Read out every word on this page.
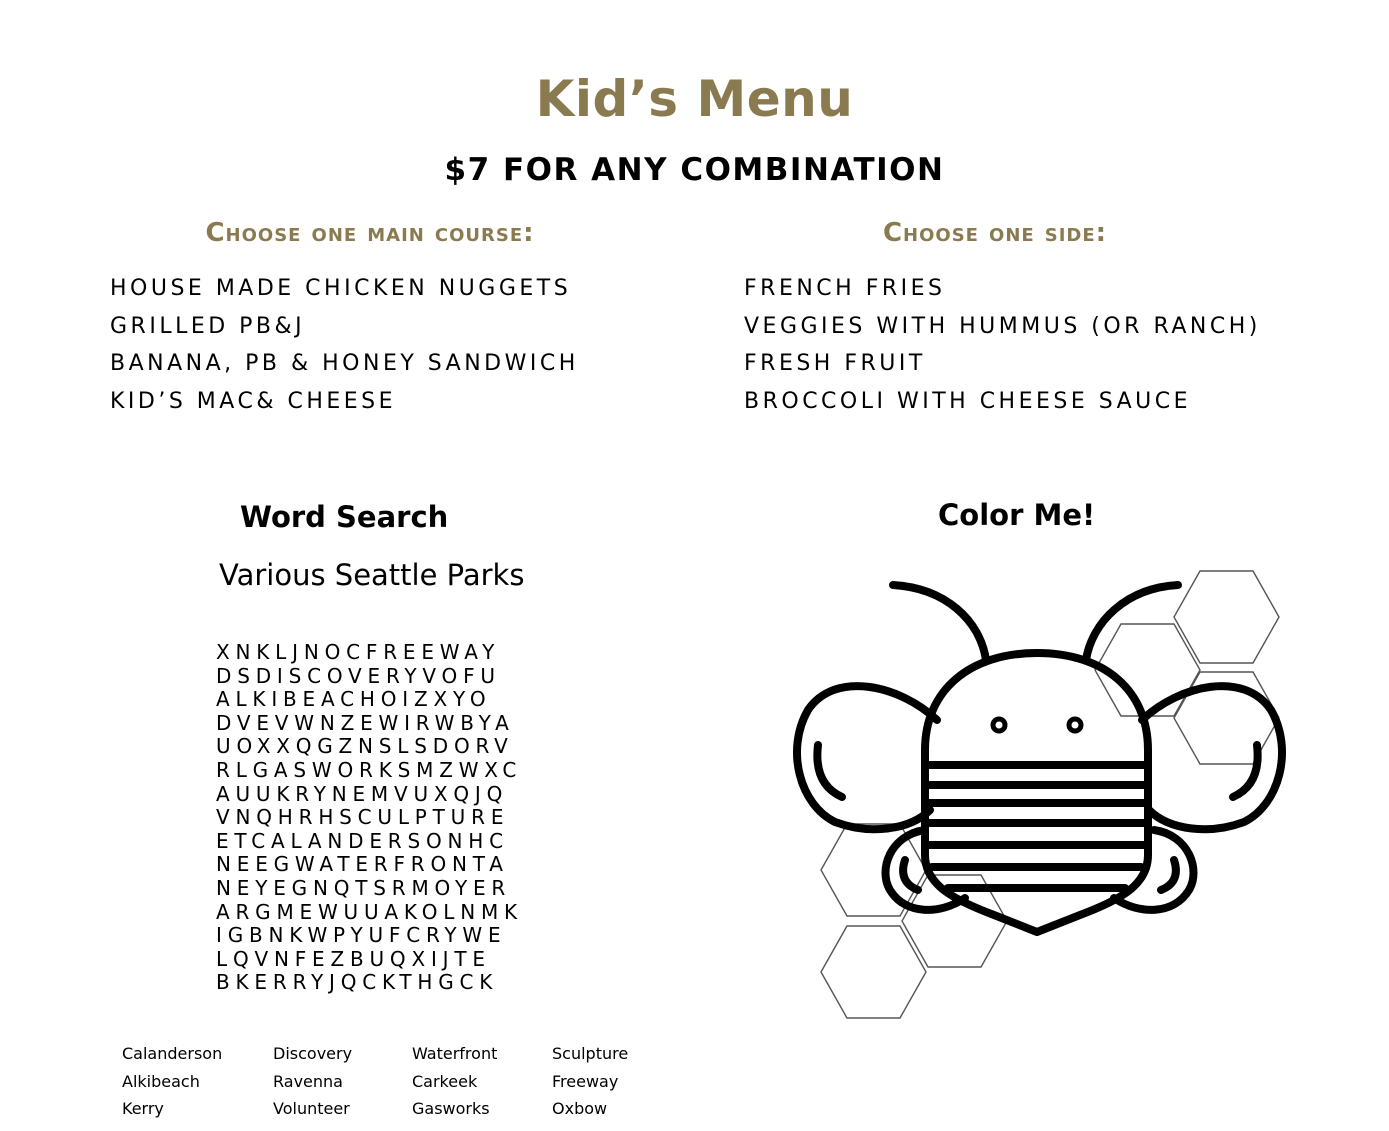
Kid’s Menu
$7 FOR ANY COMBINATION
Choose one main course:	Choose one side:
HOUSE MADE CHICKEN NUGGETS
GRILLED PB&J
BANANA, PB & HONEY SANDWICH
KID’S MAC& CHEESE
FRENCH FRIES
VEGGIES WITH HUMMUS (OR RANCH)
FRESH FRUIT
BROCCOLI WITH CHEESE SAUCE
Word Search
Various Seattle Parks
XNKLJNOCFREEWAY
DSDISCOVERYVOFU
ALKIBEACHOIZXYO
DVEVWNZEWIRWBYA
UOXXQGZNSLSDORV
RLGASWORKSMZWXC
AUUKRYNEMVUXQJQ
VNQHRHSCULPTURE
ETCALANDERSONHC
NEEGWATERFRONTA
NEYEGNQTSRMOYER
ARGMEWUUAKOLNMK
IGBNKWPYUFCRYWE
LQVNFEZBUQXIJTE
BKERRYJQCKTHGCK
Calanderson
Alkibeach
Kerry
Discovery
Ravenna
Volunteer
Waterfront
Carkeek
Gasworks
Sculpture
Freeway
Oxbow
Color Me!
